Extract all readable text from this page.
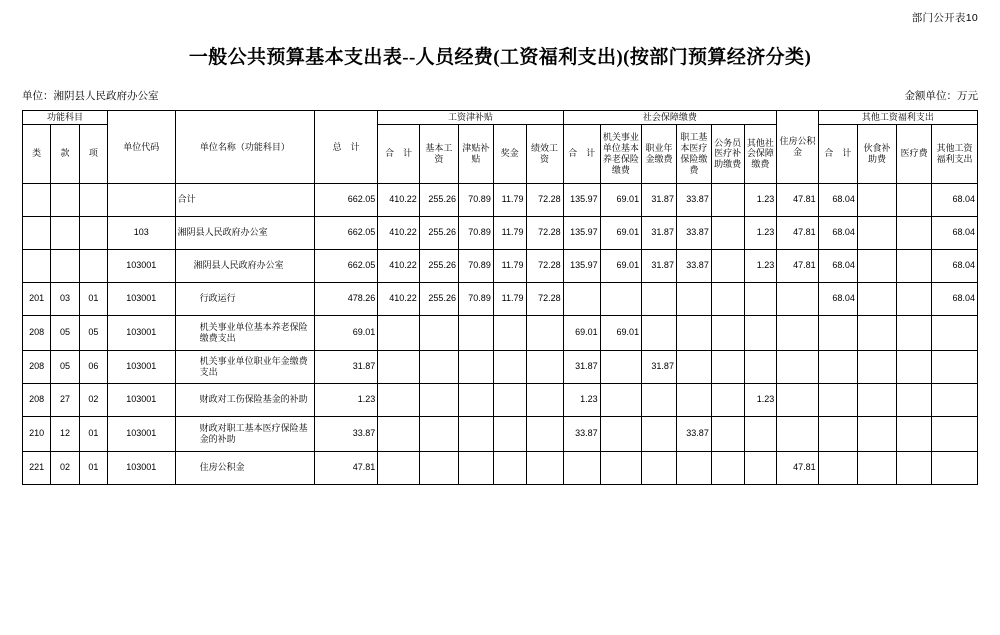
部门公开表10
一般公共预算基本支出表--人员经费(工资福利支出)(按部门预算经济分类)
单位：湘阴县人民政府办公室	金额单位：万元
功能科目			单位代码	单位名称（功能科目）	总　计	工资津补贴					社会保障缴费						住房公积金	其他工资福利支出			
类	款	项				合　计	基本工资	津贴补贴	奖金	绩效工资	合　计	机关事业单位基本养老保险缴费	职业年金缴费	职工基本医疗保险缴费	公务员医疗补助缴费	其他社会保障缴费		合　计	伙食补助费	医疗费	其他工资福利支出
				合计	662.05	410.22	255.26	70.89	11.79	72.28	135.97	69.01	31.87	33.87		1.23	47.81	68.04			68.04
			103	湘阴县人民政府办公室	662.05	410.22	255.26	70.89	11.79	72.28	135.97	69.01	31.87	33.87		1.23	47.81	68.04			68.04
			103001	湘阴县人民政府办公室	662.05	410.22	255.26	70.89	11.79	72.28	135.97	69.01	31.87	33.87		1.23	47.81	68.04			68.04
201	03	01	103001	行政运行	478.26	410.22	255.26	70.89	11.79	72.28								68.04			68.04
208	05	05	103001	机关事业单位基本养老保险缴费支出	69.01						69.01	69.01									
208	05	06	103001	机关事业单位职业年金缴费支出	31.87						31.87		31.87								
208	27	02	103001	财政对工伤保险基金的补助	1.23						1.23					1.23					
210	12	01	103001	财政对职工基本医疗保险基金的补助	33.87						33.87			33.87							
221	02	01	103001	住房公积金	47.81												47.81				
